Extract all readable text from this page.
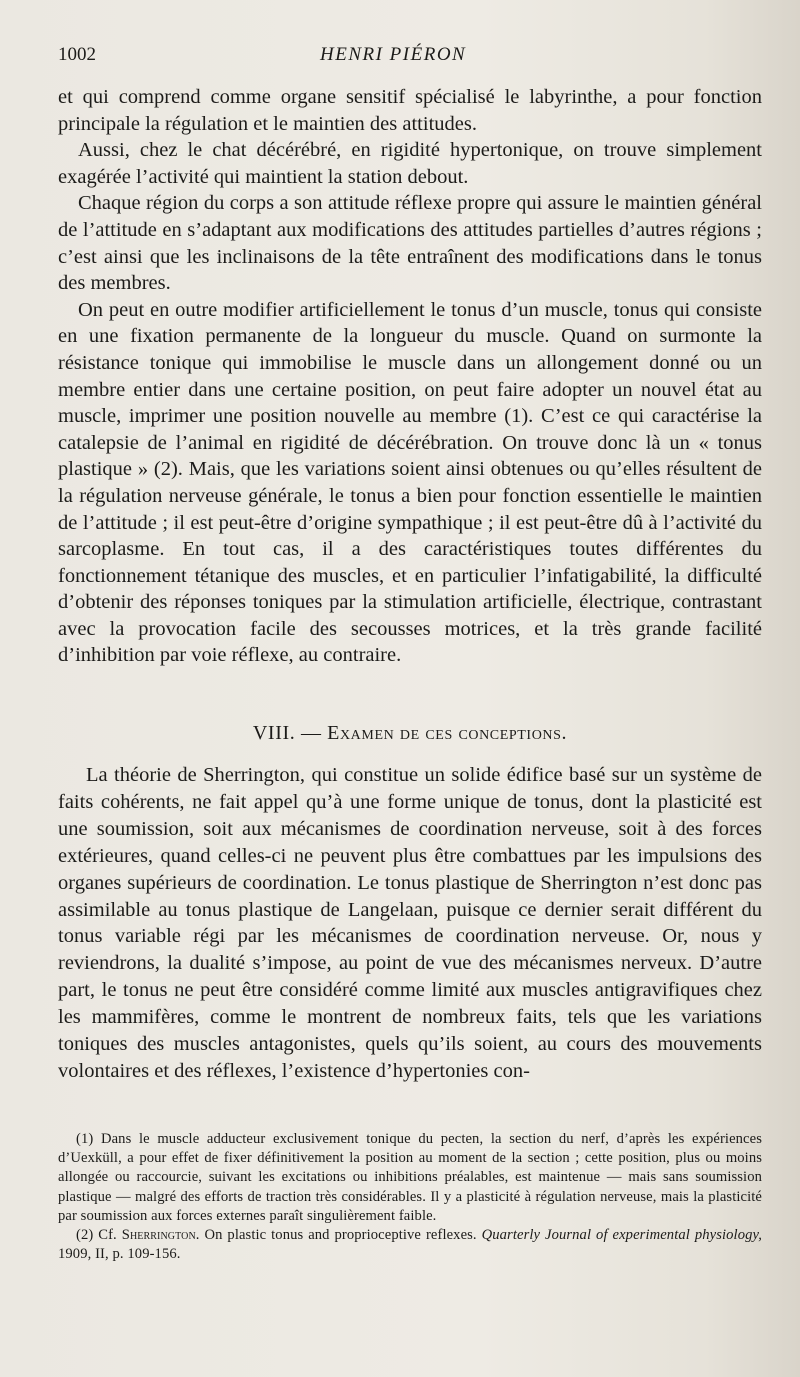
1002	HENRI PIÉRON

et qui comprend comme organe sensitif spécialisé le labyrinthe, a pour fonction principale la régulation et le maintien des attitudes.

Aussi, chez le chat décérébré, en rigidité hypertonique, on trouve simplement exagérée l’activité qui maintient la station debout.

Chaque région du corps a son attitude réflexe propre qui assure le maintien général de l’attitude en s’adaptant aux modifications des attitudes partielles d’autres régions ; c’est ainsi que les inclinaisons de la tête entraînent des modifications dans le tonus des membres.

On peut en outre modifier artificiellement le tonus d’un muscle, tonus qui consiste en une fixation permanente de la longueur du muscle. Quand on surmonte la résistance tonique qui immobilise le muscle dans un allongement donné ou un membre entier dans une certaine position, on peut faire adopter un nouvel état au muscle, imprimer une position nouvelle au membre (1). C’est ce qui caractérise la catalepsie de l’animal en rigidité de décérébration. On trouve donc là un « tonus plastique » (2). Mais, que les variations soient ainsi obtenues ou qu’elles résultent de la régulation nerveuse générale, le tonus a bien pour fonction essentielle le maintien de l’attitude ; il est peut-être d’origine sympathique ; il est peut-être dû à l’activité du sarcoplasme. En tout cas, il a des caractéristiques toutes différentes du fonctionnement tétanique des muscles, et en particulier l’infatigabilité, la difficulté d’obtenir des réponses toniques par la stimulation artificielle, électrique, contrastant avec la provocation facile des secousses motrices, et la très grande facilité d’inhibition par voie réflexe, au contraire.

VIII. — Examen de ces conceptions.

La théorie de Sherrington, qui constitue un solide édifice basé sur un système de faits cohérents, ne fait appel qu’à une forme unique de tonus, dont la plasticité est une soumission, soit aux mécanismes de coordination nerveuse, soit à des forces extérieures, quand celles-ci ne peuvent plus être combattues par les impulsions des organes supérieurs de coordination. Le tonus plastique de Sherrington n’est donc pas assimilable au tonus plastique de Langelaan, puisque ce dernier serait différent du tonus variable régi par les mécanismes de coordination nerveuse. Or, nous y reviendrons, la dualité s’impose, au point de vue des mécanismes nerveux. D’autre part, le tonus ne peut être considéré comme limité aux muscles antigravifiques chez les mammifères, comme le montrent de nombreux faits, tels que les variations toniques des muscles antagonistes, quels qu’ils soient, au cours des mouvements volontaires et des réflexes, l’existence d’hypertonies con-

(1) Dans le muscle adducteur exclusivement tonique du pecten, la section du nerf, d’après les expériences d’Uexküll, a pour effet de fixer définitivement la position au moment de la section ; cette position, plus ou moins allongée ou raccourcie, suivant les excitations ou inhibitions préalables, est maintenue — mais sans soumission plastique — malgré des efforts de traction très considérables. Il y a plasticité à régulation nerveuse, mais la plasticité par soumission aux forces externes paraît singulièrement faible.

(2) Cf. Sherrington. On plastic tonus and proprioceptive reflexes. Quarterly Journal of experimental physiology, 1909, II, p. 109-156.
